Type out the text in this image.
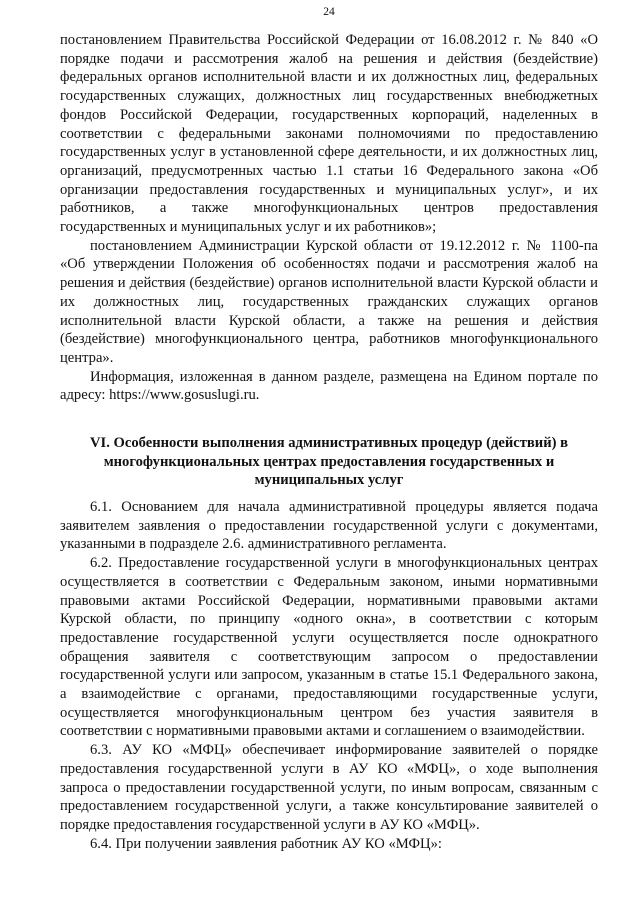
24

постановлением Правительства Российской Федерации от 16.08.2012 г. № 840 «О порядке подачи и рассмотрения жалоб на решения и действия (бездействие) федеральных органов исполнительной власти и их должностных лиц, федеральных государственных служащих, должностных лиц государственных внебюджетных фондов Российской Федерации, государственных корпораций, наделенных в соответствии с федеральными законами полномочиями по предоставлению государственных услуг в установленной сфере деятельности, и их должностных лиц, организаций, предусмотренных частью 1.1 статьи 16 Федерального закона «Об организации предоставления государственных и муниципальных услуг», и их работников, а также многофункциональных центров предоставления государственных и муниципальных услуг и их работников»;

постановлением Администрации Курской области от 19.12.2012 г. № 1100-па «Об утверждении Положения об особенностях подачи и рассмотрения жалоб на решения и действия (бездействие) органов исполнительной власти Курской области и их должностных лиц, государственных гражданских служащих органов исполнительной власти Курской области, а также на решения и действия (бездействие) многофункционального центра, работников многофункционального центра».

Информация, изложенная в данном разделе, размещена на Едином портале по адресу: https://www.gosuslugi.ru.

VI. Особенности выполнения административных процедур (действий) в многофункциональных центрах предоставления государственных и муниципальных услуг

6.1. Основанием для начала административной процедуры является подача заявителем заявления о предоставлении государственной услуги с документами, указанными в подразделе 2.6. административного регламента.

6.2. Предоставление государственной услуги в многофункциональных центрах осуществляется в соответствии с Федеральным законом, иными нормативными правовыми актами Российской Федерации, нормативными правовыми актами Курской области, по принципу «одного окна», в соответствии с которым предоставление государственной услуги осуществляется после однократного обращения заявителя с соответствующим запросом о предоставлении государственной услуги или запросом, указанным в статье 15.1 Федерального закона, а взаимодействие с органами, предоставляющими государственные услуги, осуществляется многофункциональным центром без участия заявителя в соответствии с нормативными правовыми актами и соглашением о взаимодействии.

6.3. АУ КО «МФЦ» обеспечивает информирование заявителей о порядке предоставления государственной услуги в АУ КО «МФЦ», о ходе выполнения запроса о предоставлении государственной услуги, по иным вопросам, связанным с предоставлением государственной услуги, а также консультирование заявителей о порядке предоставления государственной услуги в АУ КО «МФЦ».

6.4. При получении заявления работник АУ КО «МФЦ»:
